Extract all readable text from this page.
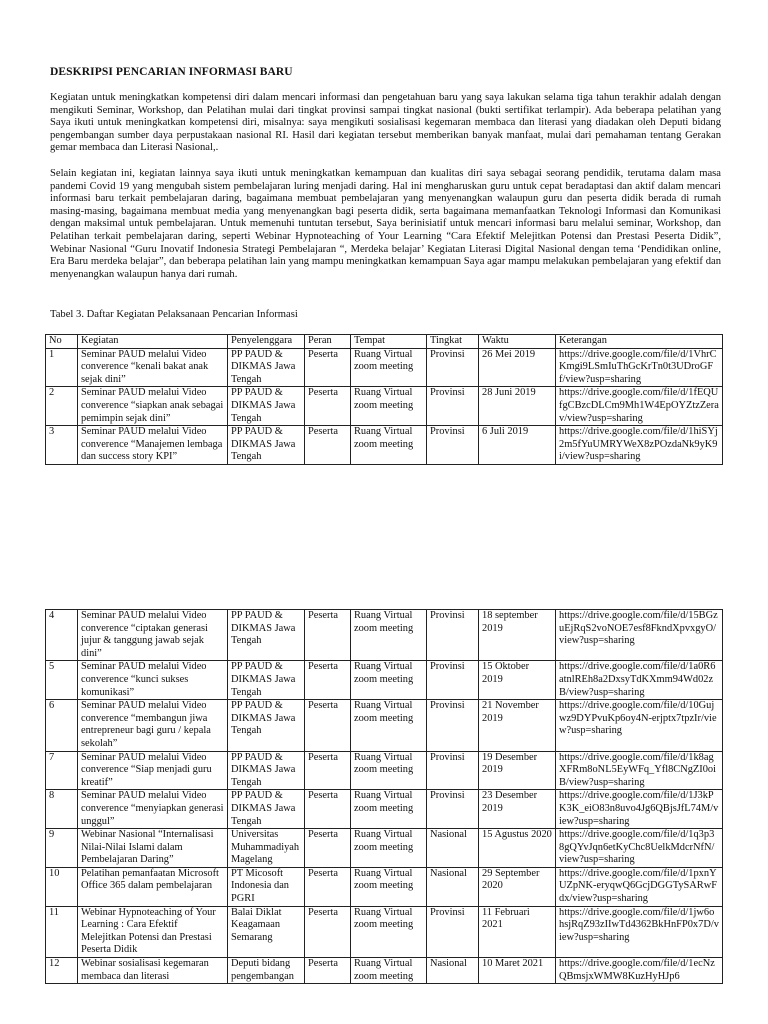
DESKRIPSI PENCARIAN INFORMASI BARU

Kegiatan untuk meningkatkan kompetensi diri dalam mencari informasi dan pengetahuan baru yang saya lakukan selama tiga tahun terakhir adalah dengan mengikuti Seminar, Workshop, dan Pelatihan mulai dari tingkat provinsi sampai tingkat nasional (bukti sertifikat terlampir). Ada beberapa pelatihan yang Saya ikuti untuk meningkatkan kompetensi diri, misalnya: saya mengikuti sosialisasi kegemaran membaca dan literasi yang diadakan oleh Deputi bidang pengembangan sumber daya perpustakaan nasional RI. Hasil dari kegiatan tersebut memberikan banyak manfaat, mulai dari pemahaman tentang Gerakan gemar membaca dan Literasi Nasional,.

Selain kegiatan ini, kegiatan lainnya saya ikuti untuk meningkatkan kemampuan dan kualitas diri saya sebagai seorang pendidik, terutama dalam masa pandemi Covid 19 yang mengubah sistem pembelajaran luring menjadi daring. Hal ini mengharuskan guru untuk cepat beradaptasi dan aktif dalam mencari informasi baru terkait pembelajaran daring, bagaimana membuat pembelajaran yang menyenangkan walaupun guru dan peserta didik berada di rumah masing-masing, bagaimana membuat media yang menyenangkan bagi peserta didik, serta bagaimana memanfaatkan Teknologi Informasi dan Komunikasi dengan maksimal untuk pembelajaran. Untuk memenuhi tuntutan tersebut, Saya berinisiatif untuk mencari informasi baru melalui seminar, Workshop, dan Pelatihan terkait pembelajaran daring, seperti Webinar Hypnoteaching of Your Learning “Cara Efektif Melejitkan Potensi dan Prestasi Peserta Didik”, Webinar Nasional “Guru Inovatif Indonesia Strategi Pembelajaran “, Merdeka belajar’ Kegiatan Literasi Digital Nasional dengan tema ‘Pendidikan online, Era Baru merdeka belajar”, dan beberapa pelatihan lain yang mampu meningkatkan kemampuan Saya agar mampu melakukan pembelajaran yang efektif dan menyenangkan walaupun hanya dari rumah.

Tabel 3. Daftar Kegiatan Pelaksanaan Pencarian Informasi

No	Kegiatan	Penyelenggara	Peran	Tempat	Tingkat	Waktu	Keterangan
1	Seminar PAUD melalui Video converence “kenali bakat anak sejak dini”	PP PAUD & DIKMAS Jawa Tengah	Peserta	Ruang Virtual zoom meeting	Provinsi	26 Mei 2019	https://drive.google.com/file/d/1VhrCKmgi9LSmIuThGcKrTn0t3UDroGFf/view?usp=sharing
2	Seminar PAUD melalui Video converence “siapkan anak sebagai pemimpin sejak dini”	PP PAUD & DIKMAS Jawa Tengah	Peserta	Ruang Virtual zoom meeting	Provinsi	28 Juni 2019	https://drive.google.com/file/d/1fEQUfgCBzcDLCm9Mh1W4EpOYZtzZerav/view?usp=sharing
3	Seminar PAUD melalui Video converence “Manajemen lembaga dan success story KPI”	PP PAUD & DIKMAS Jawa Tengah	Peserta	Ruang Virtual zoom meeting	Provinsi	6 Juli 2019	https://drive.google.com/file/d/1hiSYj2m5fYuUMRYWeX8zPOzdaNk9yK9i/view?usp=sharing
4	Seminar PAUD melalui Video converence “ciptakan generasi jujur & tanggung jawab sejak dini”	PP PAUD & DIKMAS Jawa Tengah	Peserta	Ruang Virtual zoom meeting	Provinsi	18 september 2019	https://drive.google.com/file/d/15BGzuEjRqS2voNOE7esf8FkndXpvxgyO/view?usp=sharing
5	Seminar PAUD melalui Video converence “kunci sukses komunikasi”	PP PAUD & DIKMAS Jawa Tengah	Peserta	Ruang Virtual zoom meeting	Provinsi	15 Oktober 2019	https://drive.google.com/file/d/1a0R6atnlREh8a2DxsyTdKXmm94Wd02zB/view?usp=sharing
6	Seminar PAUD melalui Video converence “membangun jiwa entrepreneur bagi guru / kepala sekolah”	PP PAUD & DIKMAS Jawa Tengah	Peserta	Ruang Virtual zoom meeting	Provinsi	21 November 2019	https://drive.google.com/file/d/10Gujwz9DYPvuKp6oy4N-erjptx7tpzIr/view?usp=sharing
7	Seminar PAUD melalui Video converence “Siap menjadi guru kreatif”	PP PAUD & DIKMAS Jawa Tengah	Peserta	Ruang Virtual zoom meeting	Provinsi	19 Desember 2019	https://drive.google.com/file/d/1k8agXFRm8oNL5EyWFq_Yfl8CNgZI0oiB/view?usp=sharing
8	Seminar PAUD melalui Video converence “menyiapkan generasi unggul”	PP PAUD & DIKMAS Jawa Tengah	Peserta	Ruang Virtual zoom meeting	Provinsi	23 Desember 2019	https://drive.google.com/file/d/1J3kPK3K_eiO83n8uvo4Jg6QBjsJfL74M/view?usp=sharing
9	Webinar Nasional “Internalisasi Nilai-Nilai Islami dalam Pembelajaran Daring”	Universitas Muhammadiyah Magelang	Peserta	Ruang Virtual zoom meeting	Nasional	15 Agustus 2020	https://drive.google.com/file/d/1q3p38gQYvJqn6etKyChc8UelkMdcrNfN/view?usp=sharing
10	Pelatihan pemanfaatan Microsoft Office 365 dalam pembelajaran	PT Micosoft Indonesia dan PGRI	Peserta	Ruang Virtual zoom meeting	Nasional	29 September 2020	https://drive.google.com/file/d/1pxnYUZpNK-eryqwQ6GcjDGGTySARwFdx/view?usp=sharing
11	Webinar Hypnoteaching of Your Learning : Cara Efektif Melejitkan Potensi dan Prestasi Peserta Didik	Balai Diklat Keagamaan Semarang	Peserta	Ruang Virtual zoom meeting	Provinsi	11 Februari 2021	https://drive.google.com/file/d/1jw6ohsjRqZ93zIIwTd4362BkHnFP0x7D/view?usp=sharing
12	Webinar sosialisasi kegemaran membaca dan literasi	Deputi bidang pengembangan	Peserta	Ruang Virtual zoom meeting	Nasional	10 Maret 2021	https://drive.google.com/file/d/1ecNzQBmsjxWMW8KuzHyHJp6
